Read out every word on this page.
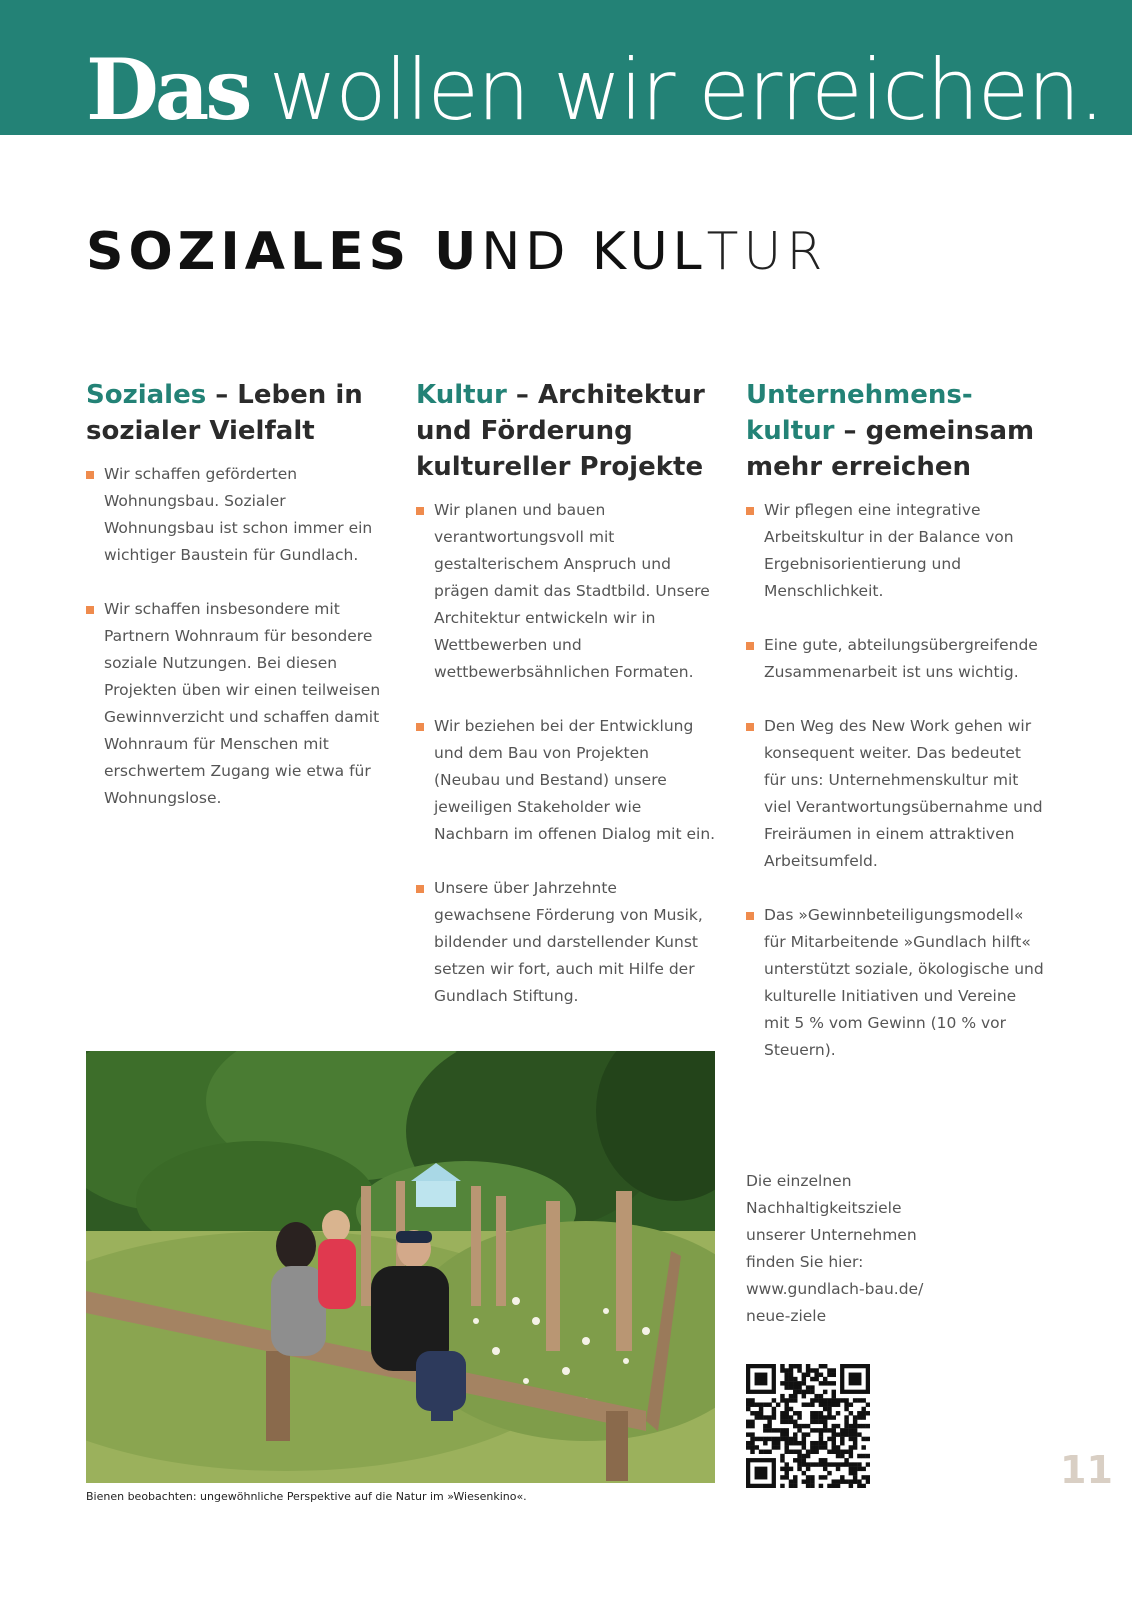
Das wollen wir erreichen.
SOZIALES UND KULTUR
Soziales – Leben in sozialer Vielfalt
Wir schaffen geförderten Wohnungsbau. Sozialer Wohnungsbau ist schon immer ein wichtiger Baustein für Gundlach.
Wir schaffen insbesondere mit Partnern Wohnraum für besondere soziale Nutzungen. Bei diesen Projekten üben wir einen teilweisen Gewinnverzicht und schaffen damit Wohnraum für Menschen mit erschwertem Zugang wie etwa für Wohnungslose.
Kultur – Architektur und Förderung kultureller Projekte
Wir planen und bauen verantwortungsvoll mit gestalterischem Anspruch und prägen damit das Stadtbild. Unsere Architektur entwickeln wir in Wettbewerben und wettbewerbsähnlichen Formaten.
Wir beziehen bei der Entwicklung und dem Bau von Projekten (Neubau und Bestand) unsere jeweiligen Stakeholder wie Nachbarn im offenen Dialog mit ein.
Unsere über Jahrzehnte gewachsene Förderung von Musik, bildender und darstellender Kunst setzen wir fort, auch mit Hilfe der Gundlach Stiftung.
Unternehmens-kultur – gemeinsam mehr erreichen
Wir pflegen eine integrative Arbeitskultur in der Balance von Ergebnisorientierung und Menschlichkeit.
Eine gute, abteilungsübergreifende Zusammenarbeit ist uns wichtig.
Den Weg des New Work gehen wir konsequent weiter. Das bedeutet für uns: Unternehmenskultur mit viel Verantwortungsübernahme und Freiräumen in einem attraktiven Arbeitsumfeld.
Das »Gewinnbeteiligungsmodell« für Mitarbeitende »Gundlach hilft« unterstützt soziale, ökologische und kulturelle Initiativen und Vereine mit 5 % vom Gewinn (10 % vor Steuern).
Bienen beobachten: ungewöhnliche Perspektive auf die Natur im »Wiesenkino«.
Die einzelnen
Nachhaltigkeitsziele
unserer Unternehmen
finden Sie hier:
www.gundlach-bau.de/
neue-ziele
11
